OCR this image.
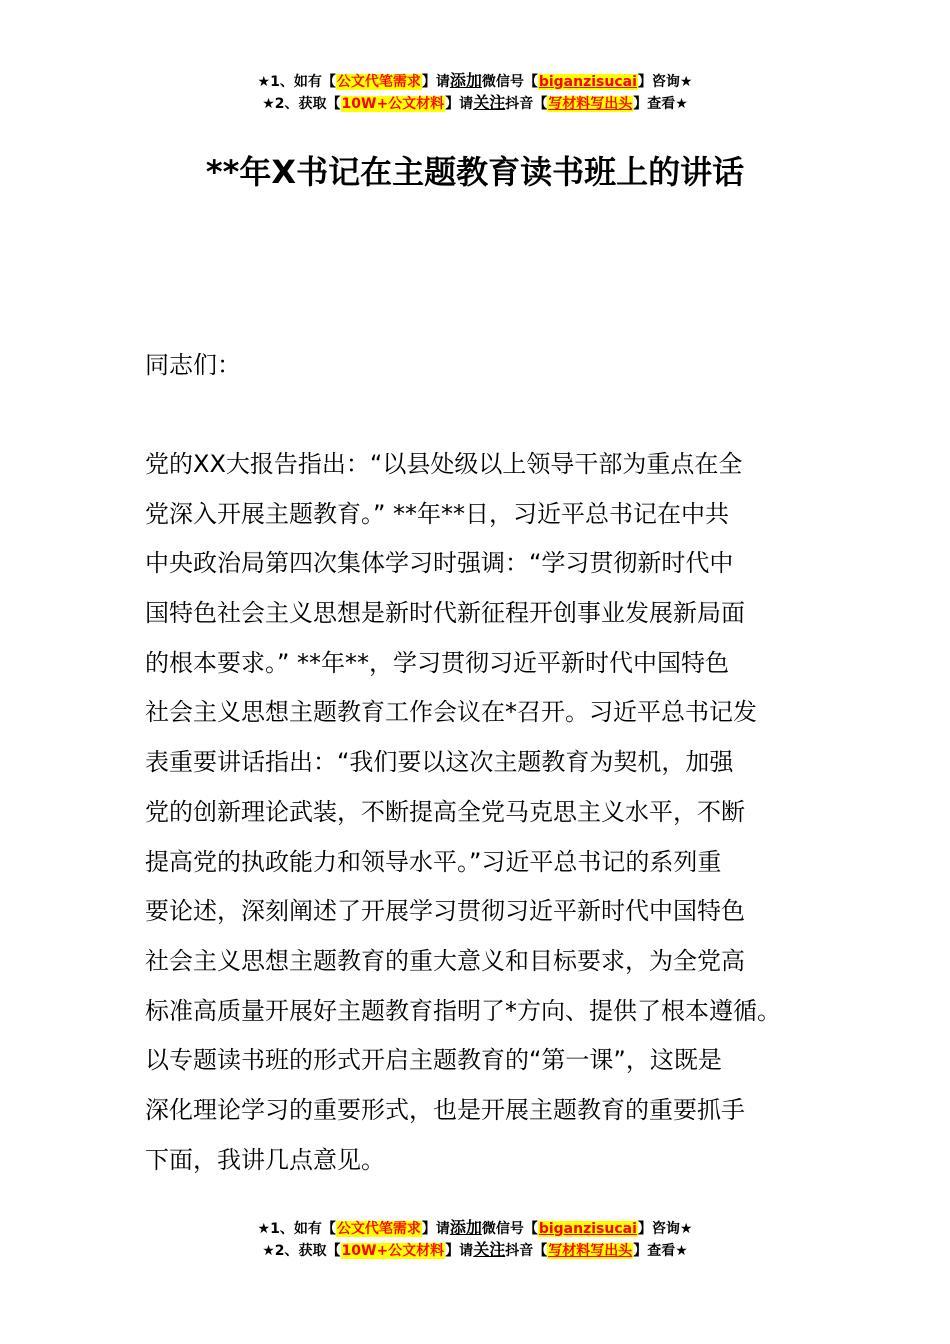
★1、如有【公文代笔需求】请添加微信号【biganzisucai】咨询★
★2、获取【10W+公文材料】请关注抖音【写材料写出头】查看★
**年X书记在主题教育读书班上的讲话
同志们：
党的XX大报告指出：“以县处级以上领导干部为重点在全
党深入开展主题教育。” **年**日，习近平总书记在中共
中央政治局第四次集体学习时强调：“学习贯彻新时代中
国特色社会主义思想是新时代新征程开创事业发展新局面
的根本要求。” **年**，学习贯彻习近平新时代中国特色
社会主义思想主题教育工作会议在*召开。习近平总书记发
表重要讲话指出：“我们要以这次主题教育为契机，加强
党的创新理论武装，不断提高全党马克思主义水平，不断
提高党的执政能力和领导水平。”习近平总书记的系列重
要论述，深刻阐述了开展学习贯彻习近平新时代中国特色
社会主义思想主题教育的重大意义和目标要求，为全党高
标准高质量开展好主题教育指明了*方向、提供了根本遵循。
以专题读书班的形式开启主题教育的“第一课”，这既是
深化理论学习的重要形式，也是开展主题教育的重要抓手
下面，我讲几点意见。
★1、如有【公文代笔需求】请添加微信号【biganzisucai】咨询★
★2、获取【10W+公文材料】请关注抖音【写材料写出头】查看★
